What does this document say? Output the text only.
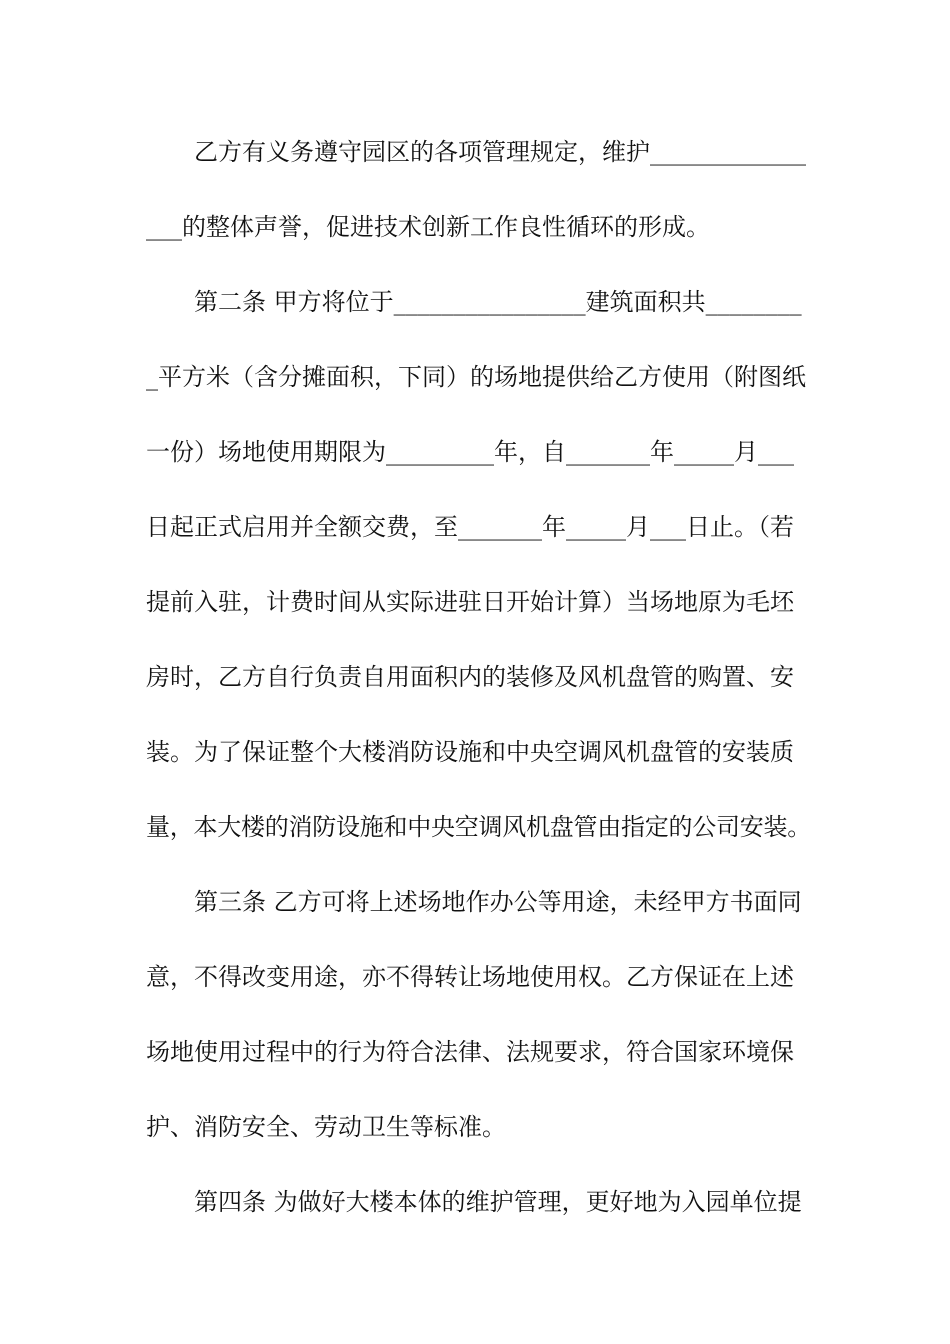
乙方有义务遵守园区的各项管理规定，维护_____________
___的整体声誉，促进技术创新工作良性循环的形成。
第二条 甲方将位于________________建筑面积共________
_平方米（含分摊面积，下同）的场地提供给乙方使用（附图纸
一份）场地使用期限为_________年，自_______年_____月___
日起正式启用并全额交费，至_______年_____月___日止。（若
提前入驻，计费时间从实际进驻日开始计算）当场地原为毛坯
房时，乙方自行负责自用面积内的装修及风机盘管的购置、安
装。为了保证整个大楼消防设施和中央空调风机盘管的安装质
量，本大楼的消防设施和中央空调风机盘管由指定的公司安装。
第三条 乙方可将上述场地作办公等用途，未经甲方书面同
意，不得改变用途，亦不得转让场地使用权。乙方保证在上述
场地使用过程中的行为符合法律、法规要求，符合国家环境保
护、消防安全、劳动卫生等标准。
第四条 为做好大楼本体的维护管理，更好地为入园单位提
